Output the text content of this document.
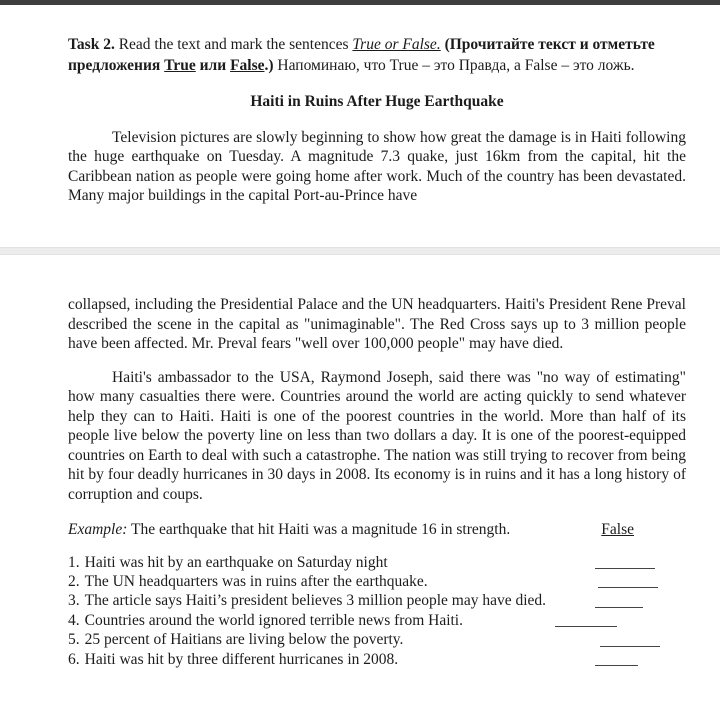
Task 2. Read the text and mark the sentences True or False. (Прочитайте текст и отметьте предложения True или False.) Напоминаю, что True – это Правда, а False – это ложь.

Haiti in Ruins After Huge Earthquake

Television pictures are slowly beginning to show how great the damage is in Haiti following the huge earthquake on Tuesday. A magnitude 7.3 quake, just 16km from the capital, hit the Caribbean nation as people were going home after work. Much of the country has been devastated. Many major buildings in the capital Port-au-Prince have

collapsed, including the Presidential Palace and the UN headquarters. Haiti's President Rene Preval described the scene in the capital as "unimaginable". The Red Cross says up to 3 million people have been affected. Mr. Preval fears "well over 100,000 people" may have died.

Haiti's ambassador to the USA, Raymond Joseph, said there was "no way of estimating" how many casualties there were. Countries around the world are acting quickly to send whatever help they can to Haiti. Haiti is one of the poorest countries in the world. More than half of its people live below the poverty line on less than two dollars a day. It is one of the poorest-equipped countries on Earth to deal with such a catastrophe. The nation was still trying to recover from being hit by four deadly hurricanes in 30 days in 2008. Its economy is in ruins and it has a long history of corruption and coups.

Example: The earthquake that hit Haiti was a magnitude 16 in strength.	False
1. Haiti was hit by an earthquake on Saturday night
2. The UN headquarters was in ruins after the earthquake.
3. The article says Haiti’s president believes 3 million people may have died.
4. Countries around the world ignored terrible news from Haiti.
5. 25 percent of Haitians are living below the poverty.
6. Haiti was hit by three different hurricanes in 2008.
